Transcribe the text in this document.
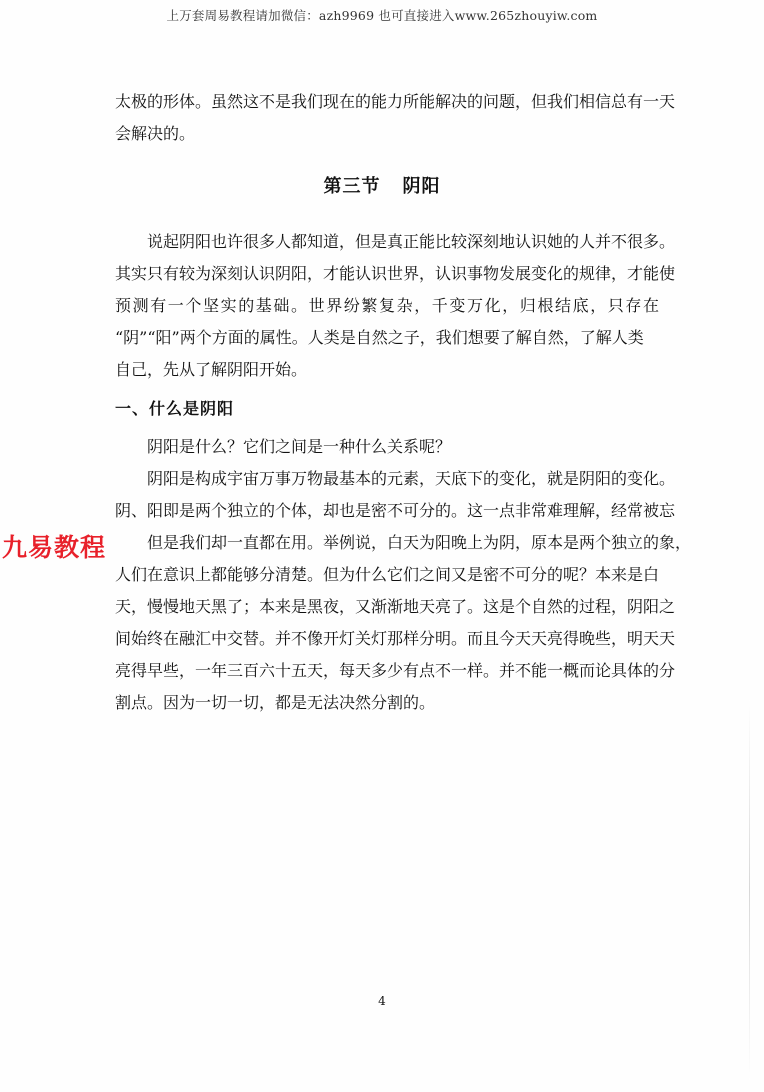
上万套周易教程请加微信：azh9969 也可直接进入www.265zhouyiw.com
太极的形体。虽然这不是我们现在的能力所能解决的问题，但我们相信总有一天
会解决的。
第三节 阴阳
说起阴阳也许很多人都知道，但是真正能比较深刻地认识她的人并不很多。
其实只有较为深刻认识阴阳，才能认识世界，认识事物发展变化的规律，才能使
预测有一个坚实的基础。世界纷繁复杂，千变万化，归根结底，只存在
“阴”“阳”两个方面的属性。人类是自然之子，我们想要了解自然，了解人类
自己，先从了解阴阳开始。
一、什么是阴阳
阴阳是什么？它们之间是一种什么关系呢？
阴阳是构成宇宙万事万物最基本的元素，天底下的变化，就是阴阳的变化。
阴、阳即是两个独立的个体，却也是密不可分的。这一点非常难理解，经常被忘
但是我们却一直都在用。举例说，白天为阳晚上为阴，原本是两个独立的象，
人们在意识上都能够分清楚。但为什么它们之间又是密不可分的呢？本来是白
天，慢慢地天黑了；本来是黑夜，又渐渐地天亮了。这是个自然的过程，阴阳之
间始终在融汇中交替。并不像开灯关灯那样分明。而且今天天亮得晚些，明天天
亮得早些，一年三百六十五天，每天多少有点不一样。并不能一概而论具体的分
割点。因为一切一切，都是无法决然分割的。
九易教程
4
